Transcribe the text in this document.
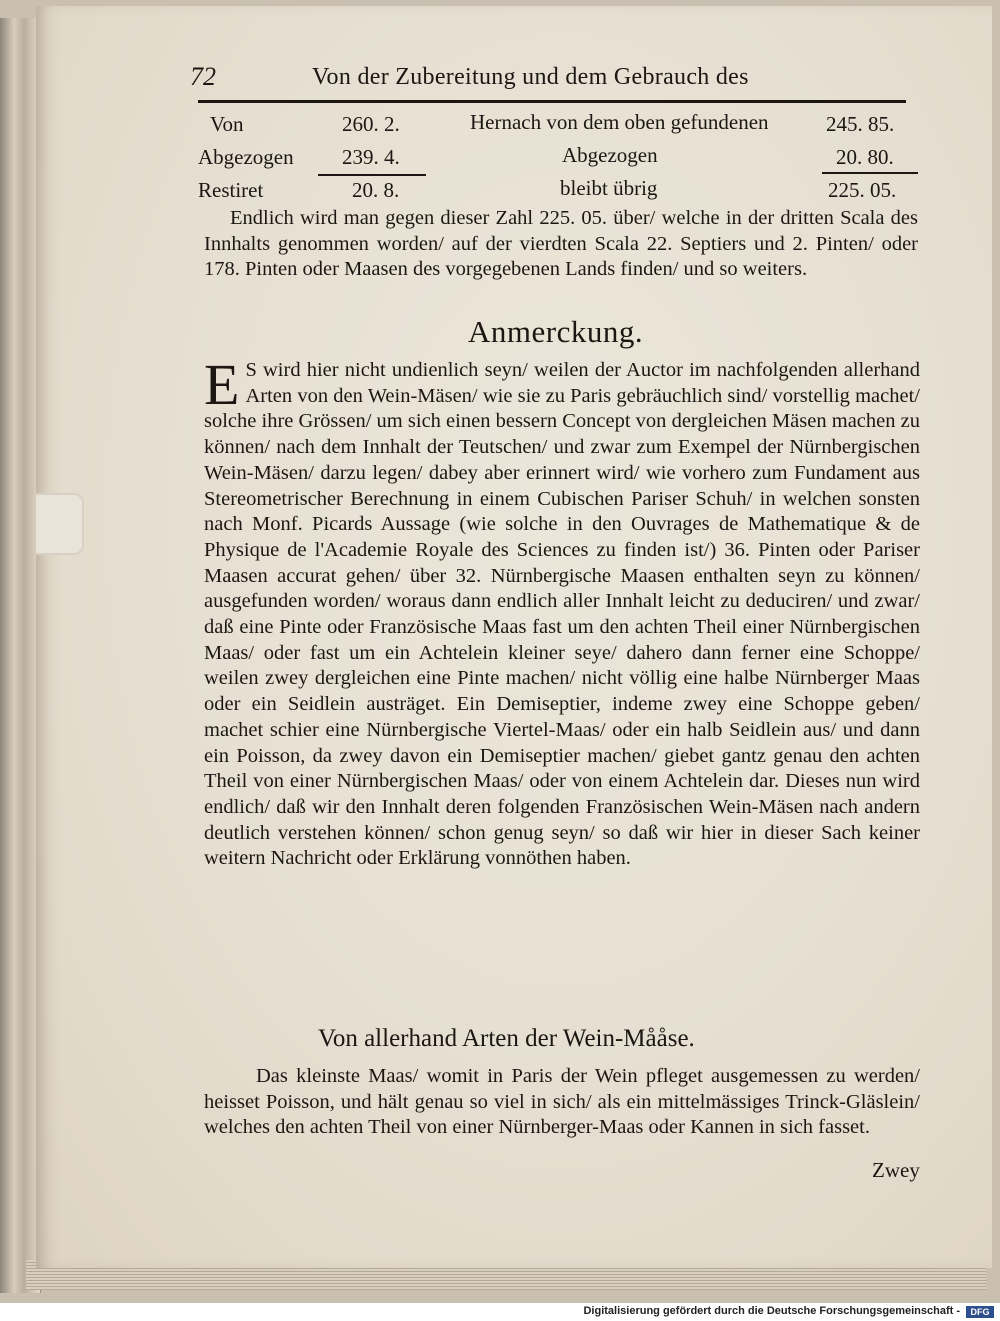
72	Von der Zubereitung und dem Gebrauch des
Von	260. 2.	Hernach von dem oben gefundenen	245. 85.
Abgezogen 239. 4.	Abgezogen	20. 80.
Restiret	20. 8.	bleibt übrig	225. 05.
Endlich wird man gegen dieser Zahl 225. 05. über/ welche in der dritten Scala des Innhalts genommen worden/ auf der vierdten Scala 22. Septiers und 2. Pinten/ oder 178. Pinten oder Maasen des vorgegebenen Lands finden/ und so weiters.
Anmerckung.
E S wird hier nicht undienlich seyn/ weilen der Auctor im nachfolgenden allerhand Arten von den Wein-Mäsen/ wie sie zu Paris gebräuchlich sind/ vorstellig machet/ solche ihre Grössen/ um sich einen bessern Concept von dergleichen Mäsen machen zu können/ nach dem Innhalt der Teutschen/ und zwar zum Exempel der Nürnbergischen Wein-Mäsen/ darzu legen/ dabey aber erinnert wird/ wie vorhero zum Fundament aus Stereometrischer Berechnung in einem Cubischen Pariser Schuh/ in welchen sonsten nach Monf. Picards Aussage (wie solche in den Ouvrages de Mathematique & de Physique de l'Academie Royale des Sciences zu finden ist/) 36. Pinten oder Pariser Maasen accurat gehen/ über 32. Nürnbergische Maasen enthalten seyn zu können/ ausgefunden worden/ woraus dann endlich aller Innhalt leicht zu deduciren/ und zwar/ daß eine Pinte oder Französische Maas fast um den achten Theil einer Nürnbergischen Maas/ oder fast um ein Achtelein kleiner seye/ dahero dann ferner eine Schoppe/ weilen zwey dergleichen eine Pinte machen/ nicht völlig eine halbe Nürnberger Maas oder ein Seidlein austräget. Ein Demiseptier, indeme zwey eine Schoppe geben/ machet schier eine Nürnbergische Viertel-Maas/ oder ein halb Seidlein aus/ und dann ein Poisson, da zwey davon ein Demiseptier machen/ giebet gantz genau den achten Theil von einer Nürnbergischen Maas/ oder von einem Achtelein dar. Dieses nun wird endlich/ daß wir den Innhalt deren folgenden Französischen Wein-Mäsen nach andern deutlich verstehen können/ schon genug seyn/ so daß wir hier in dieser Sach keiner weitern Nachricht oder Erklärung vonnöthen haben.
Von allerhand Arten der Wein-Mååse.
Das kleinste Maas/ womit in Paris der Wein pfleget ausgemessen zu werden/ heisset Poisson, und hält genau so viel in sich/ als ein mittelmässiges Trinck-Gläslein/ welches den achten Theil von einer Nürnberger-Maas oder Kannen in sich fasset.
Zwey
Digitalisierung gefördert durch die Deutsche Forschungsgemeinschaft -	DFG
